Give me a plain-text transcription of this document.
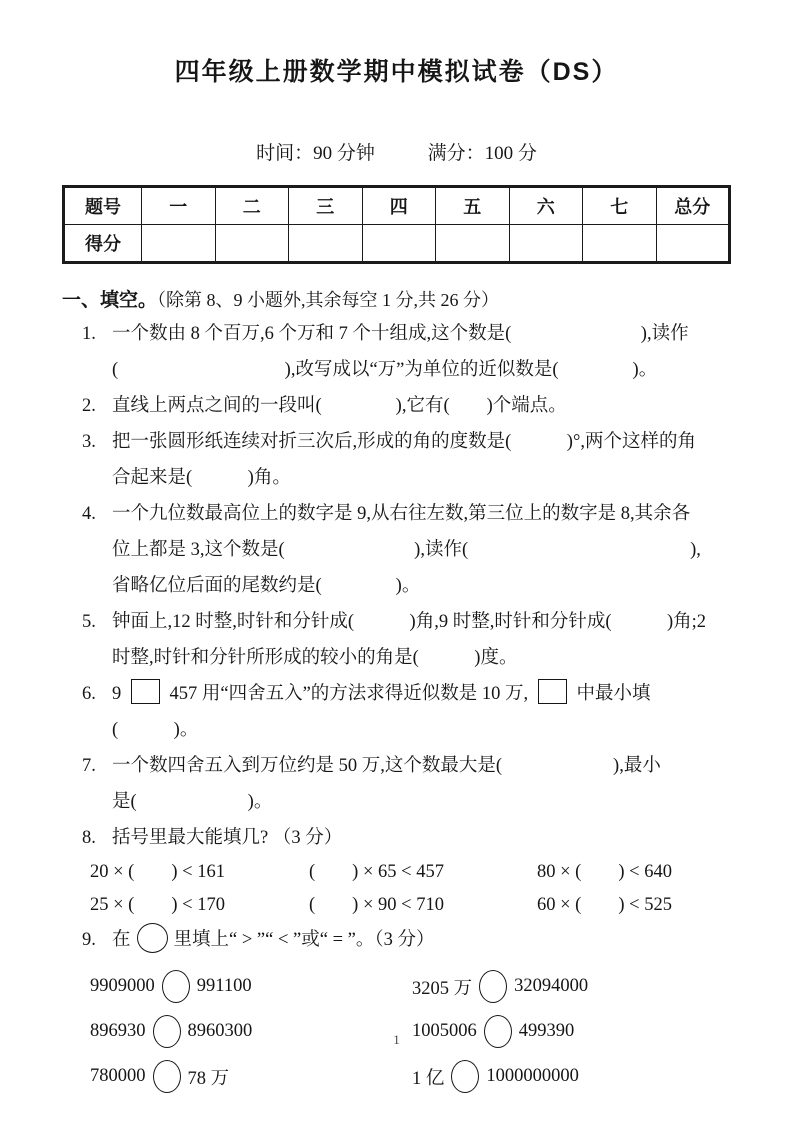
四年级上册数学期中模拟试卷（DS）
时间：90 分钟	满分：100 分
题号	一	二	三	四	五	六	七	总分
得分								
一、填空。（除第 8、9 小题外,其余每空 1 分,共 26 分）
1. 一个数由 8 个百万,6 个万和 7 个十组成,这个数是(　　　　　　　),读作
(　　　　　　　　　),改写成以“万”为单位的近似数是(　　　　)。
2. 直线上两点之间的一段叫(　　　　),它有(　　)个端点。
3. 把一张圆形纸连续对折三次后,形成的角的度数是(　　　)°,两个这样的角
合起来是(　　　)角。
4. 一个九位数最高位上的数字是 9,从右往左数,第三位上的数字是 8,其余各
位上都是 3,这个数是(　　　　　　　),读作(　　　　　　　　　　　　),
省略亿位后面的尾数约是(　　　　)。
5. 钟面上,12 时整,时针和分针成(　　　)角,9 时整,时针和分针成(　　　)角;2
时整,时针和分针所形成的较小的角是(　　　)度。
6. 9  457 用“四舍五入”的方法求得近似数是 10 万,  中最小填(　　　)。
7. 一个数四舍五入到万位约是 50 万,这个数最大是(　　　　　　),最小
是(　　　　　　)。
8. 括号里最大能填几? （3 分）
20 × (　　) < 161	(　　) × 65 < 457	80 × (　　) < 640
25 × (　　) < 170	(　　) × 90 < 710	60 × (　　) < 525
9. 在 里填上“ > ”“ < ”或“ = ”。（3 分）
9909000 991100	3205 万 32094000
896930 8960300	1005006 499390
780000 78 万	1 亿 1000000000
1
